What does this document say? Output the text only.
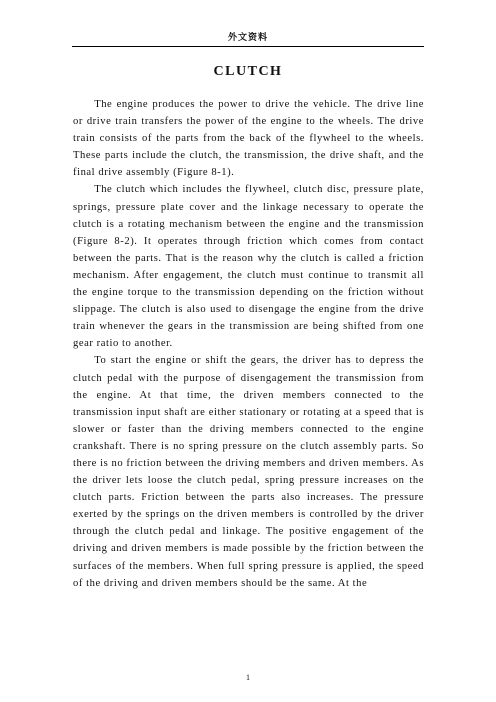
外文资料
CLUTCH

The engine produces the power to drive the vehicle. The drive line or drive train transfers the power of the engine to the wheels. The drive train consists of the parts from the back of the flywheel to the wheels. These parts include the clutch, the transmission, the drive shaft, and the final drive assembly (Figure 8-1).

The clutch which includes the flywheel, clutch disc, pressure plate, springs, pressure plate cover and the linkage necessary to operate the clutch is a rotating mechanism between the engine and the transmission (Figure 8-2). It operates through friction which comes from contact between the parts. That is the reason why the clutch is called a friction mechanism. After engagement, the clutch must continue to transmit all the engine torque to the transmission depending on the friction without slippage. The clutch is also used to disengage the engine from the drive train whenever the gears in the transmission are being shifted from one gear ratio to another.

To start the engine or shift the gears, the driver has to depress the clutch pedal with the purpose of disengagement the transmission from the engine. At that time, the driven members connected to the transmission input shaft are either stationary or rotating at a speed that is slower or faster than the driving members connected to the engine crankshaft. There is no spring pressure on the clutch assembly parts. So there is no friction between the driving members and driven members. As the driver lets loose the clutch pedal, spring pressure increases on the clutch parts. Friction between the parts also increases. The pressure exerted by the springs on the driven members is controlled by the driver through the clutch pedal and linkage. The positive engagement of the driving and driven members is made possible by the friction between the surfaces of the members. When full spring pressure is applied, the speed of the driving and driven members should be the same. At the

1
